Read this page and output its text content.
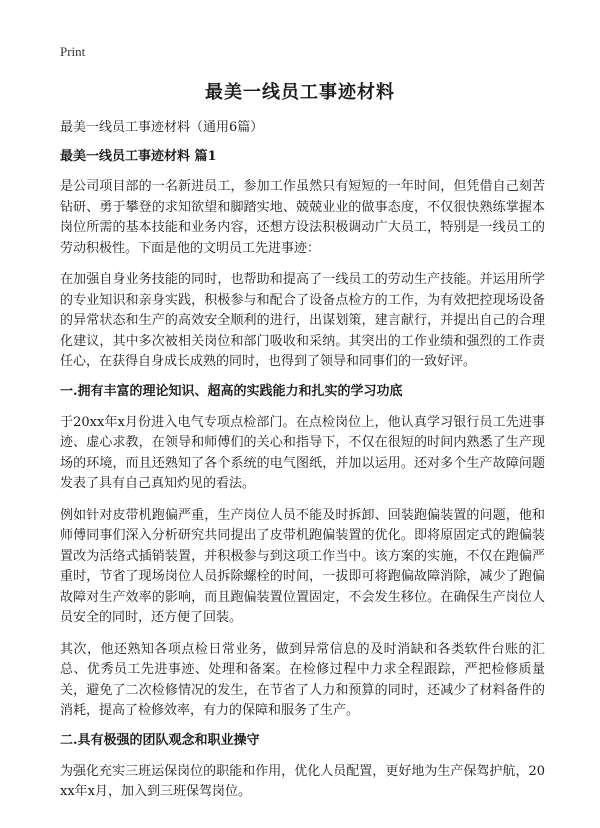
Print
最美一线员工事迹材料

最美一线员工事迹材料（通用6篇）

最美一线员工事迹材料 篇1

是公司项目部的一名新进员工，参加工作虽然只有短短的一年时间，但凭借自己刻苦钻研、勇于攀登的求知欲望和脚踏实地、兢兢业业的做事态度，不仅很快熟练掌握本岗位所需的基本技能和业务内容，还想方设法积极调动广大员工，特别是一线员工的劳动积极性。下面是他的文明员工先进事迹：

在加强自身业务技能的同时，也帮助和提高了一线员工的劳动生产技能。并运用所学的专业知识和亲身实践，积极参与和配合了设备点检方的工作，为有效把控现场设备的异常状态和生产的高效安全顺利的进行，出谋划策，建言献行，并提出自己的合理化建议，其中多次被相关岗位和部门吸收和采纳。其突出的工作业绩和强烈的工作责任心，在获得自身成长成熟的同时，也得到了领导和同事们的一致好评。

一.拥有丰富的理论知识、超高的实践能力和扎实的学习功底

于20xx年x月份进入电气专项点检部门。在点检岗位上，他认真学习银行员工先进事迹、虚心求教，在领导和师傅们的关心和指导下，不仅在很短的时间内熟悉了生产现场的环境，而且还熟知了各个系统的电气图纸，并加以运用。还对多个生产故障问题发表了具有自己真知灼见的看法。

例如针对皮带机跑偏严重，生产岗位人员不能及时拆卸、回装跑偏装置的问题，他和师傅同事们深入分析研究共同提出了皮带机跑偏装置的优化。即将原固定式的跑偏装置改为活络式插销装置，并积极参与到这项工作当中。该方案的实施，不仅在跑偏严重时，节省了现场岗位人员拆除螺栓的时间，一拔即可将跑偏故障消除，减少了跑偏故障对生产效率的影响，而且跑偏装置位置固定，不会发生移位。在确保生产岗位人员安全的同时，还方便了回装。

其次，他还熟知各项点检日常业务，做到异常信息的及时消缺和各类软件台账的汇总、优秀员工先进事迹、处理和备案。在检修过程中力求全程跟踪，严把检修质量关，避免了二次检修情况的发生，在节省了人力和预算的同时，还减少了材料备件的消耗，提高了检修效率，有力的保障和服务了生产。

二.具有极强的团队观念和职业操守

为强化充实三班运保岗位的职能和作用，优化人员配置，更好地为生产保驾护航，20xx年x月，加入到三班保驾岗位。
